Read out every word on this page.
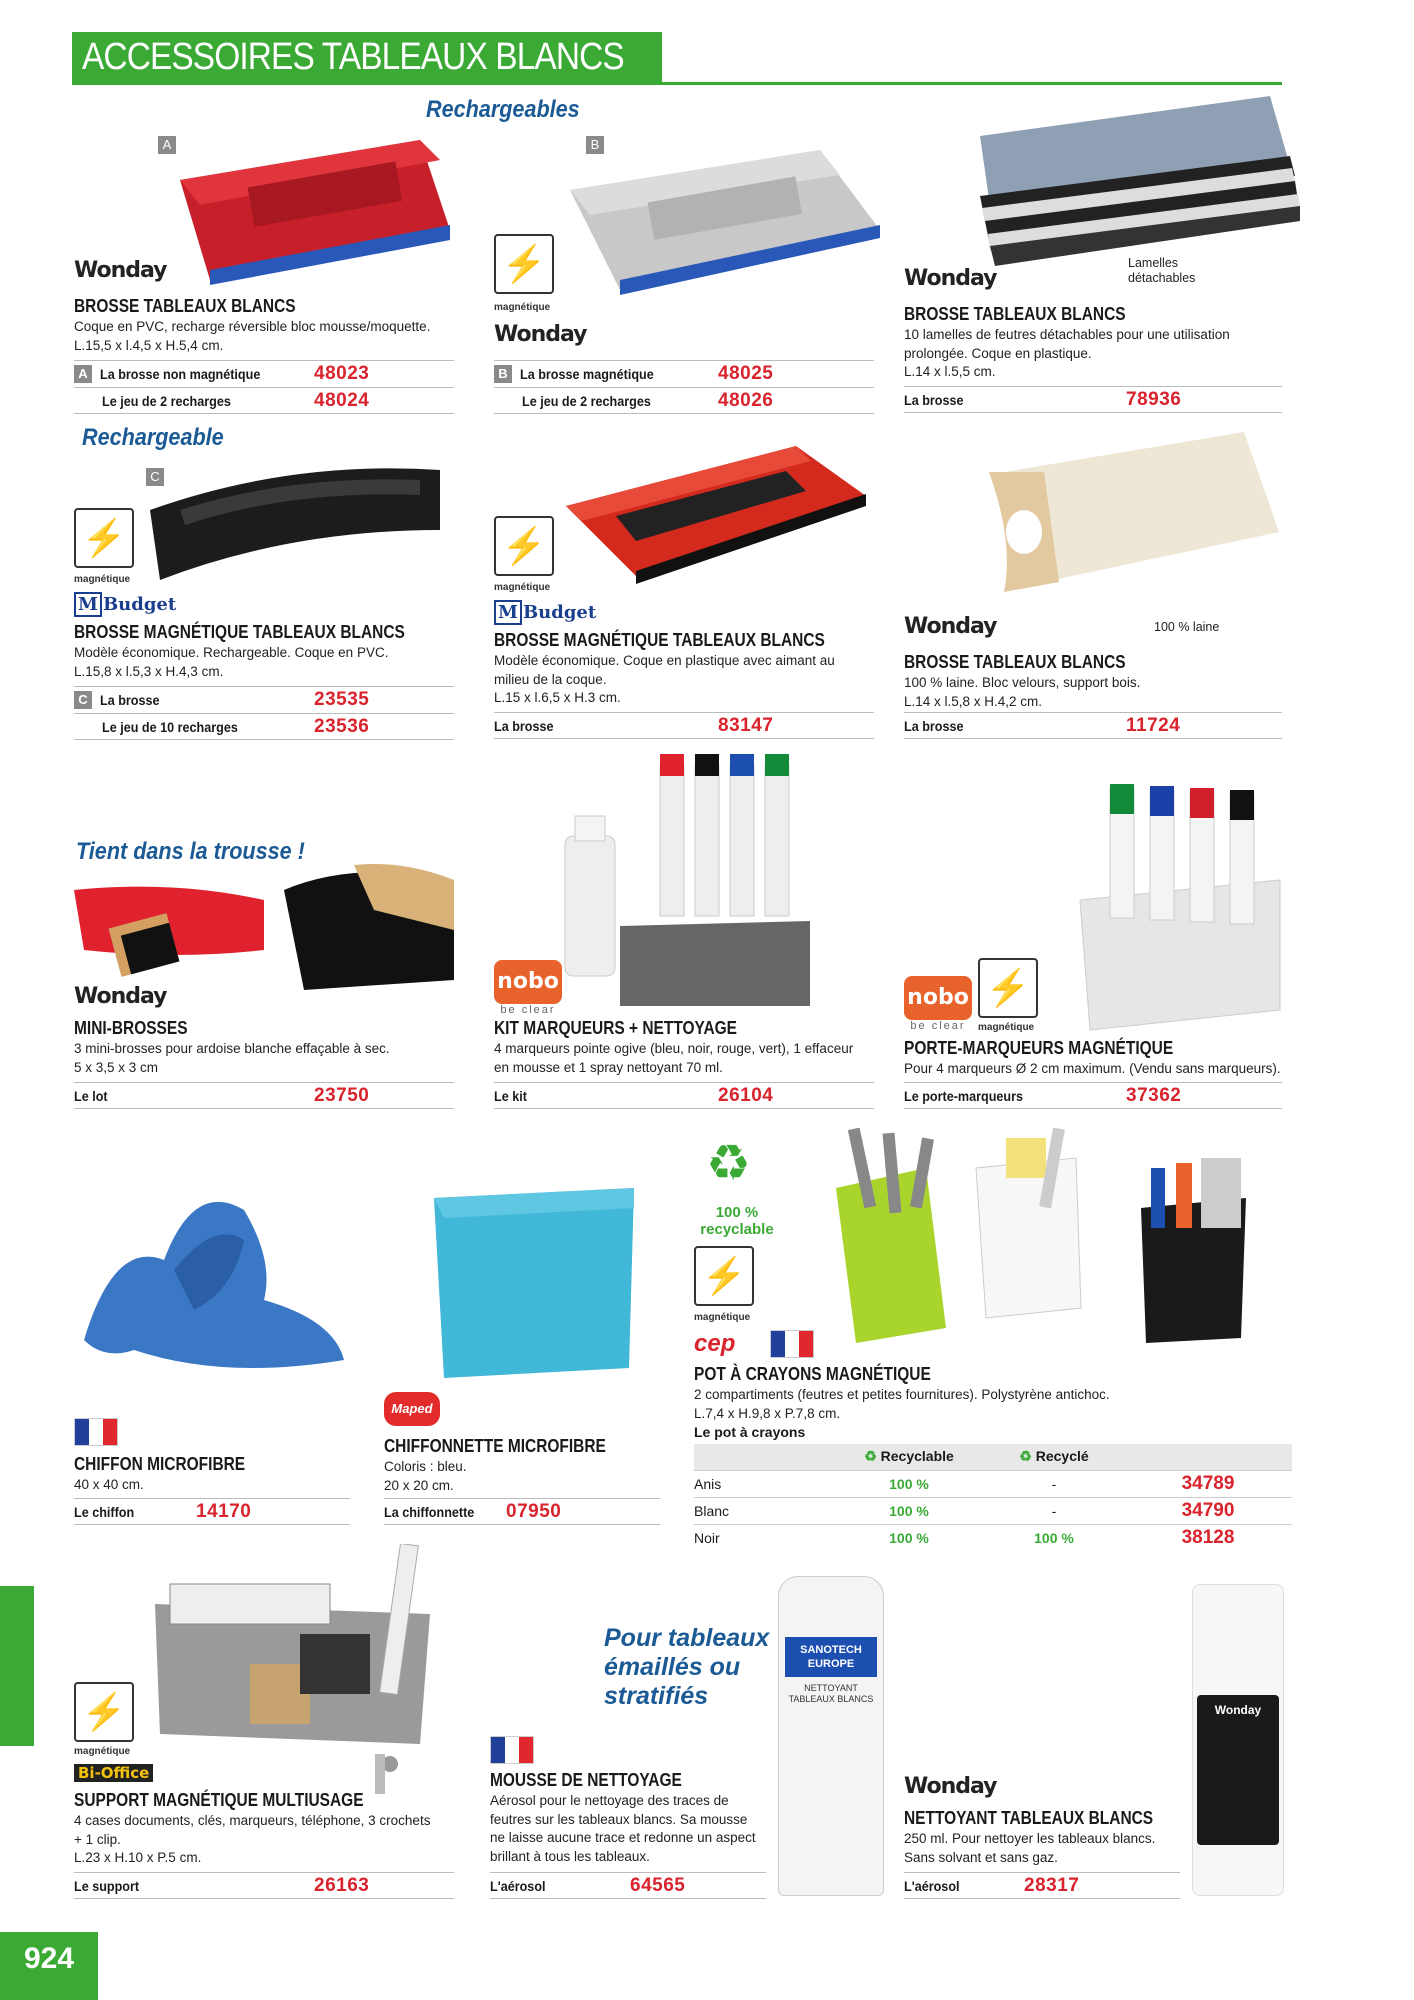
ACCESSOIRES TABLEAUX BLANCS
Rechargeables
A
Wonday
BROSSE TABLEAUX BLANCS
Coque en PVC, recharge réversible bloc mousse/moquette.
L.15,5 x l.4,5 x H.5,4 cm.
A La brosse non magnétique	48023
Le jeu de 2 recharges	48024
B
⚡
magnétique
Wonday
B La brosse magnétique	48025
Le jeu de 2 recharges	48026
Lamelles
détachables
Wonday
BROSSE TABLEAUX BLANCS
10 lamelles de feutres détachables pour une utilisation
prolongée. Coque en plastique.
L.14 x l.5,5 cm.
La brosse	78936
Rechargeable
C
⚡
magnétique
M Budget
BROSSE MAGNÉTIQUE TABLEAUX BLANCS
Modèle économique. Rechargeable. Coque en PVC.
L.15,8 x l.5,3 x H.4,3 cm.
C La brosse	23535
Le jeu de 10 recharges	23536
⚡
magnétique
M Budget
BROSSE MAGNÉTIQUE TABLEAUX BLANCS
Modèle économique. Coque en plastique avec aimant au
milieu de la coque.
L.15 x l.6,5 x H.3 cm.
La brosse	83147
100 % laine
Wonday
BROSSE TABLEAUX BLANCS
100 % laine. Bloc velours, support bois.
L.14 x l.5,8 x H.4,2 cm.
La brosse	11724
Tient dans la trousse !
Wonday
MINI-BROSSES
3 mini-brosses pour ardoise blanche effaçable à sec.
5 x 3,5 x 3 cm
Le lot	23750
nobo
be clear
KIT MARQUEURS + NETTOYAGE
4 marqueurs pointe ogive (bleu, noir, rouge, vert), 1 effaceur
en mousse et 1 spray nettoyant 70 ml.
Le kit	26104
nobo
be clear
⚡
magnétique
PORTE-MARQUEURS MAGNÉTIQUE
Pour 4 marqueurs Ø 2 cm maximum. (Vendu sans marqueurs).
Le porte-marqueurs	37362
CHIFFON MICROFIBRE
40 x 40 cm.
Le chiffon	14170
Maped
CHIFFONNETTE MICROFIBRE
Coloris : bleu.
20 x 20 cm.
La chiffonnette	07950
♻
100 %
recyclable
⚡
magnétique
cep
POT À CRAYONS MAGNÉTIQUE
2 compartiments (feutres et petites fournitures). Polystyrène antichoc.
L.7,4 x H.9,8 x P.7,8 cm.
Le pot à crayons
	♻ Recyclable	♻ Recyclé	
Anis	100 %	-	34789
Blanc	100 %	-	34790
Noir	100 %	100 %	38128
⚡
magnétique
Bi-Office
SUPPORT MAGNÉTIQUE MULTIUSAGE
4 cases documents, clés, marqueurs, téléphone, 3 crochets
+ 1 clip.
L.23 x H.10 x P.5 cm.
Le support	26163
Pour tableaux
émaillés ou
stratifiés
SANOTECH
EUROPE
NETTOYANT
TABLEAUX BLANCS
MOUSSE DE NETTOYAGE
Aérosol pour le nettoyage des traces de
feutres sur les tableaux blancs. Sa mousse
ne laisse aucune trace et redonne un aspect
brillant à tous les tableaux.
L'aérosol	64565
Wonday
Wonday
NETTOYANT TABLEAUX BLANCS
250 ml. Pour nettoyer les tableaux blancs.
Sans solvant et sans gaz.
L'aérosol	28317
924
